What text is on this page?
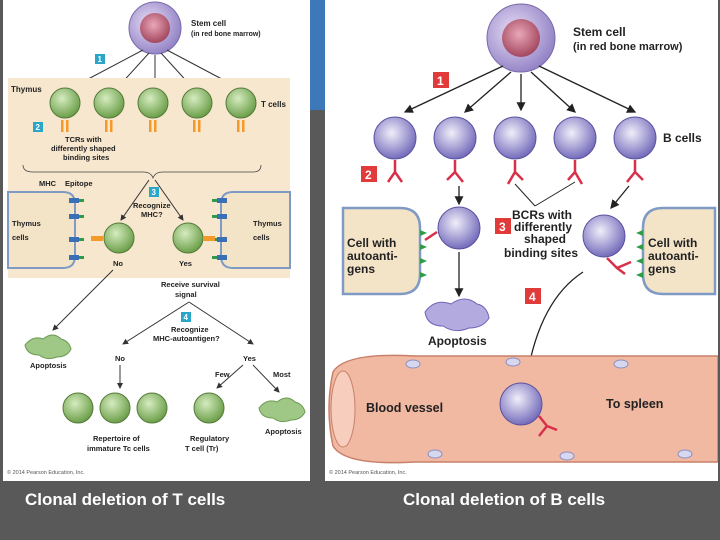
Stem cell
(in red bone marrow)
1
Thymus
T cells
2
TCRs with
differently shaped
binding sites
MHC Epitope
Thymus
cells
Thymus
cells
3
Recognize
MHC?
No	Yes
Receive survival
signal
4
Recognize
MHC-autoantigen?
Apoptosis
No	Yes
Few	Most
Repertoire of
immature Tc cells
Regulatory
T cell (Tr)
Apoptosis
© 2014 Pearson Education, Inc.
Stem cell
(in red bone marrow)
1
B cells
2
Cell with
autoanti-
gens
Cell with
autoanti-
gens
3
BCRs with
differently
shaped
binding sites
Apoptosis
4
Blood vessel	To spleen
© 2014 Pearson Education, Inc.
Clonal deletion of T cells	Clonal deletion of B cells
